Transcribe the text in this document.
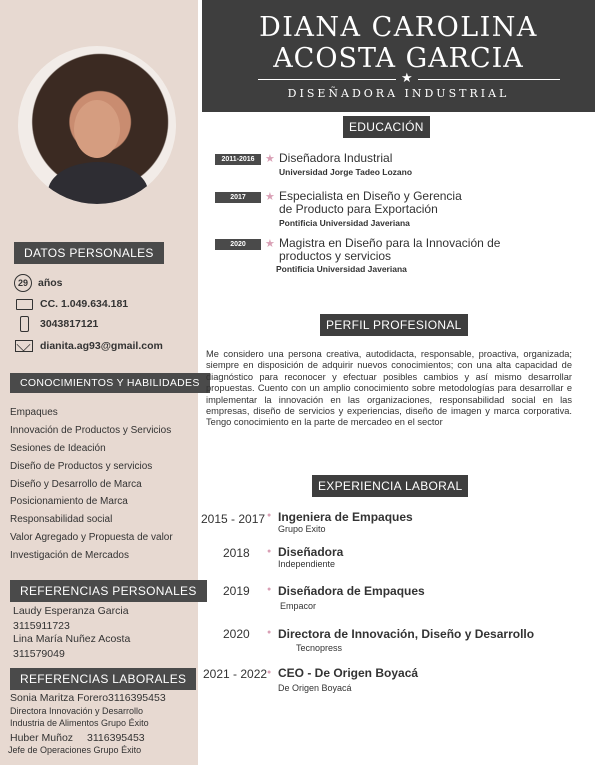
DATOS PERSONALES
29 años
CC. 1.049.634.181
3043817121
dianita.ag93@gmail.com
CONOCIMIENTOS Y HABILIDADES
Empaques
Innovación de Productos y Servicios
Sesiones de Ideación
Diseño de Productos y servicios
Diseño y Desarrollo de Marca
Posicionamiento de Marca
Responsabilidad social
Valor Agregado y Propuesta de valor
Investigación de Mercados
REFERENCIAS PERSONALES
Laudy Esperanza Garcia
3115911723
Lina María Nuñez Acosta
311579049
REFERENCIAS LABORALES
Sonia Maritza Forero3116395453
Directora Innovación y Desarrollo
Industria de Alimentos Grupo Éxito
Huber Muñoz 3116395453
Jefe de Operaciones Grupo Éxito
DIANA CAROLINA
ACOSTA GARCIA
★
DISEÑADORA INDUSTRIAL
EDUCACIÓN
2011-2016 ★ Diseñadora Industrial
Universidad Jorge Tadeo Lozano
2017	★ Especialista en Diseño y Gerencia
de Producto para Exportación
Pontificia Universidad Javeriana
2020	★ Magistra en Diseño para la Innovación de
productos y servicios
Pontificia Universidad Javeriana
PERFIL PROFESIONAL
Me considero una persona creativa, autodidacta, responsable, proactiva, organizada; siempre en disposición de adquirir nuevos conocimientos; con una alta capacidad de diagnóstico para reconocer y efectuar posibles cambios y así mismo desarrollar propuestas. Cuento con un amplio conocimiento sobre metodologías para desarrollar e implementar la innovación en las organizaciones, responsabilidad social en las empresas, diseño de servicios y experiencias, diseño de imagen y marca corporativa. Tengo conocimiento en la parte de mercadeo en el sector
EXPERIENCIA LABORAL
2015 - 2017 ● Ingeniera de Empaques
Grupo Exito
2018 ● Diseñadora
Independiente
2019 ● Diseñadora de Empaques
Empacor
2020 ● Directora de Innovación, Diseño y Desarrollo
Tecnopress
2021 - 2022 ● CEO - De Origen Boyacá
De Origen Boyacá
